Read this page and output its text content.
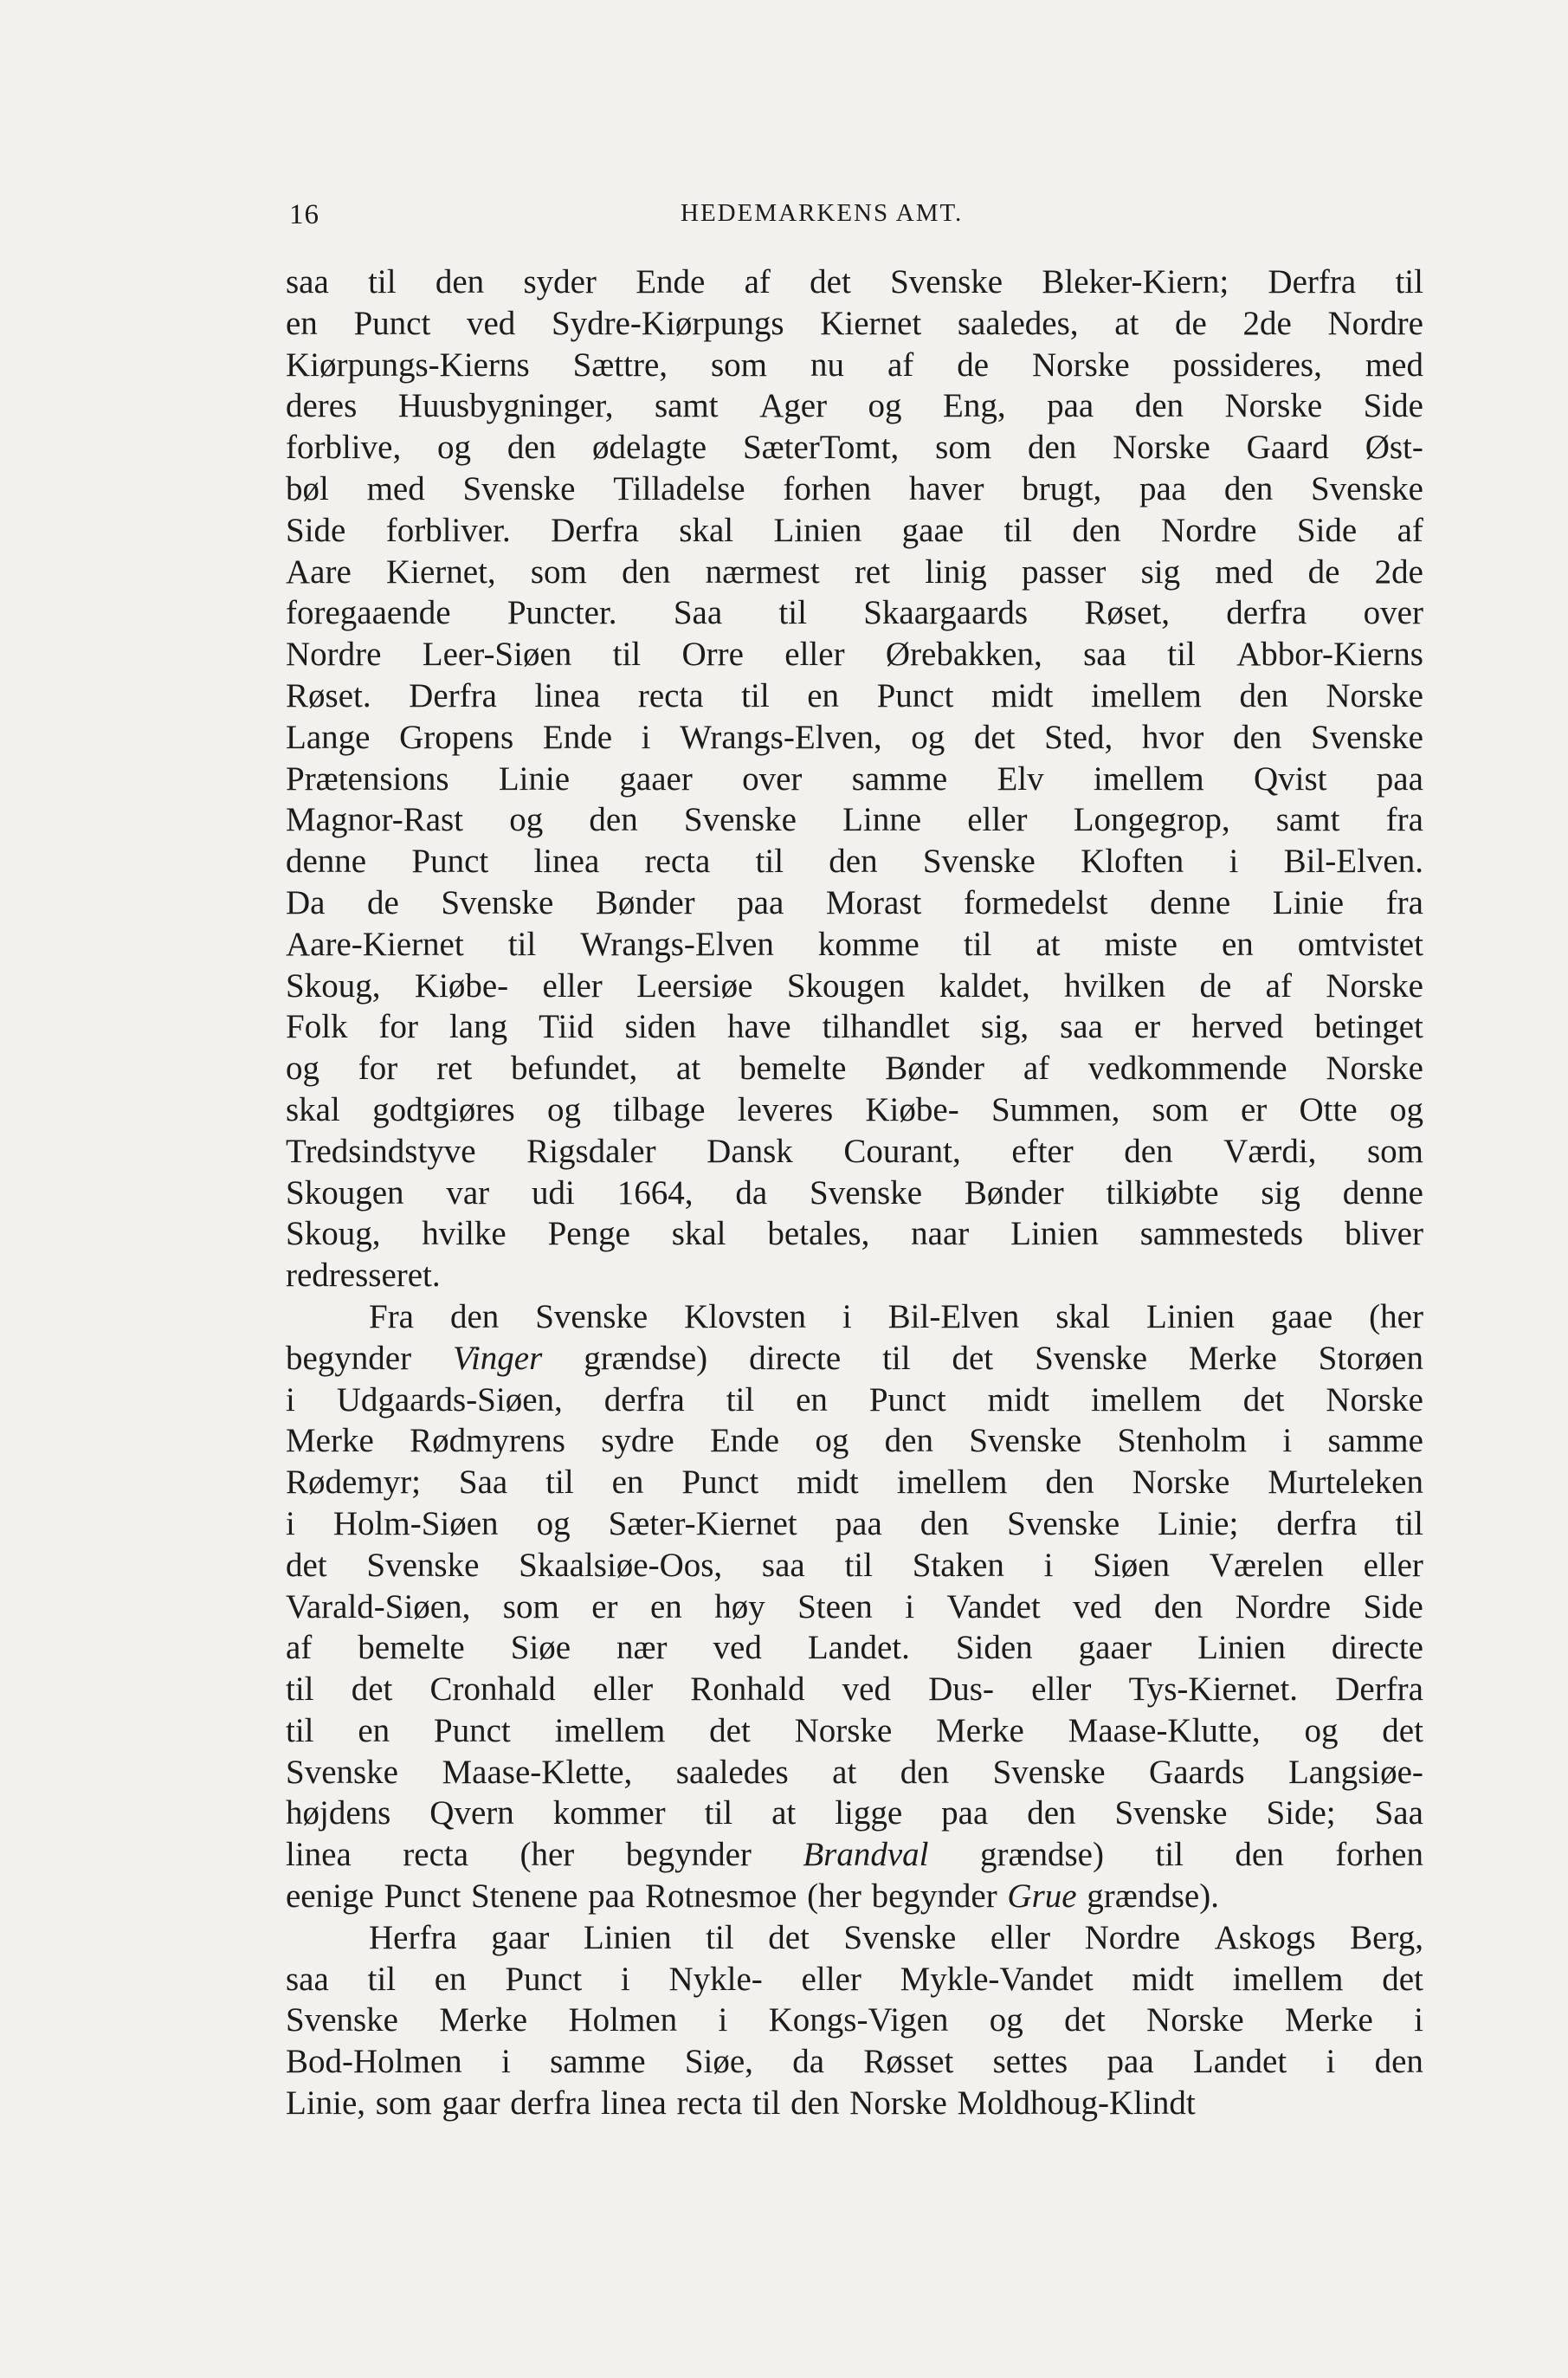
16	HEDEMARKENS AMT.
saa til den syder Ende af det Svenske Bleker-Kiern; Derfra til
en Punct ved Sydre-Kiørpungs Kiernet saaledes, at de 2de Nordre
Kiørpungs-Kierns Sættre, som nu af de Norske possideres, med
deres Huusbygninger, samt Ager og Eng, paa den Norske Side
forblive, og den ødelagte SæterTomt, som den Norske Gaard Øst-
bøl med Svenske Tilladelse forhen haver brugt, paa den Svenske
Side forbliver. Derfra skal Linien gaae til den Nordre Side af
Aare Kiernet, som den nærmest ret linig passer sig med de 2de
foregaaende Puncter. Saa til Skaargaards Røset, derfra over
Nordre Leer-Siøen til Orre eller Ørebakken, saa til Abbor-Kierns
Røset. Derfra linea recta til en Punct midt imellem den Norske
Lange Gropens Ende i Wrangs-Elven, og det Sted, hvor den Svenske
Prætensions Linie gaaer over samme Elv imellem Qvist paa
Magnor-Rast og den Svenske Linne eller Longegrop, samt fra
denne Punct linea recta til den Svenske Kloften i Bil-Elven.
Da de Svenske Bønder paa Morast formedelst denne Linie fra
Aare-Kiernet til Wrangs-Elven komme til at miste en omtvistet
Skoug, Kiøbe- eller Leersiøe Skougen kaldet, hvilken de af Norske
Folk for lang Tiid siden have tilhandlet sig, saa er herved betinget
og for ret befundet, at bemelte Bønder af vedkommende Norske
skal godtgiøres og tilbage leveres Kiøbe- Summen, som er Otte og
Tredsindstyve Rigsdaler Dansk Courant, efter den Værdi, som
Skougen var udi 1664, da Svenske Bønder tilkiøbte sig denne
Skoug, hvilke Penge skal betales, naar Linien sammesteds bliver
redresseret.
Fra den Svenske Klovsten i Bil-Elven skal Linien gaae (her
begynder Vinger grændse) directe til det Svenske Merke Storøen
i Udgaards-Siøen, derfra til en Punct midt imellem det Norske
Merke Rødmyrens sydre Ende og den Svenske Stenholm i samme
Rødemyr; Saa til en Punct midt imellem den Norske Murteleken
i Holm-Siøen og Sæter-Kiernet paa den Svenske Linie; derfra til
det Svenske Skaalsiøe-Oos, saa til Staken i Siøen Værelen eller
Varald-Siøen, som er en høy Steen i Vandet ved den Nordre Side
af bemelte Siøe nær ved Landet. Siden gaaer Linien directe
til det Cronhald eller Ronhald ved Dus- eller Tys-Kiernet. Derfra
til en Punct imellem det Norske Merke Maase-Klutte, og det
Svenske Maase-Klette, saaledes at den Svenske Gaards Langsiøe-
højdens Qvern kommer til at ligge paa den Svenske Side; Saa
linea recta (her begynder Brandval grændse) til den forhen
eenige Punct Stenene paa Rotnesmoe (her begynder Grue grændse).
Herfra gaar Linien til det Svenske eller Nordre Askogs Berg,
saa til en Punct i Nykle- eller Mykle-Vandet midt imellem det
Svenske Merke Holmen i Kongs-Vigen og det Norske Merke i
Bod-Holmen i samme Siøe, da Røsset settes paa Landet i den
Linie, som gaar derfra linea recta til den Norske Moldhoug-Klindt
